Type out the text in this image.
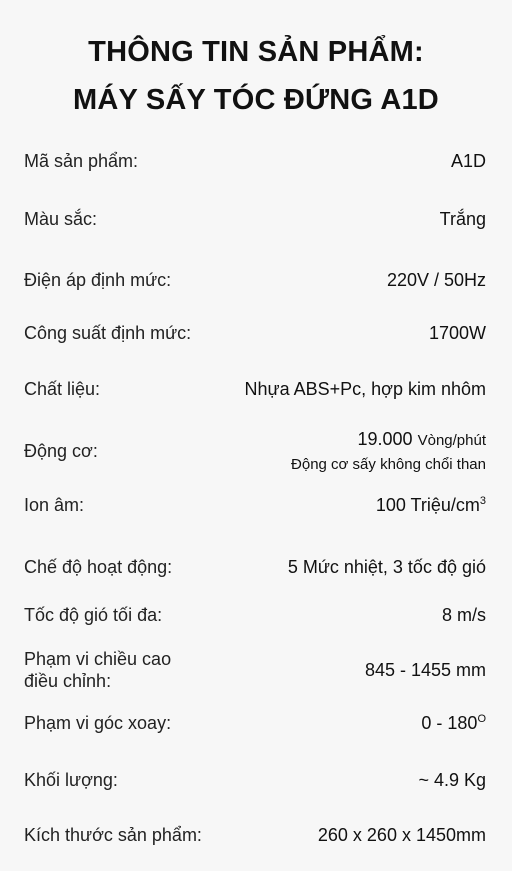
THÔNG TIN SẢN PHẨM:
MÁY SẤY TÓC ĐỨNG A1D
Mã sản phẩm:	A1D
Màu sắc:	Trắng
Điện áp định mức:	220V / 50Hz
Công suất định mức:	1700W
Chất liệu:	Nhựa ABS+Pc, hợp kim nhôm
Động cơ:
19.000 Vòng/phút
Động cơ sấy không chổi than
Ion âm:	100 Triệu/$cm^3$
Chế độ hoạt động:	5 Mức nhiệt, 3 tốc độ gió
Tốc độ gió tối đa:	8 m/s
Phạm vi chiều cao
điều chỉnh:
845 - 1455 mm
Phạm vi góc xoay:	$0 - 180^O$
Khối lượng:	~ 4.9 Kg
Kích thước sản phẩm:	260 x 260 x 1450mm
